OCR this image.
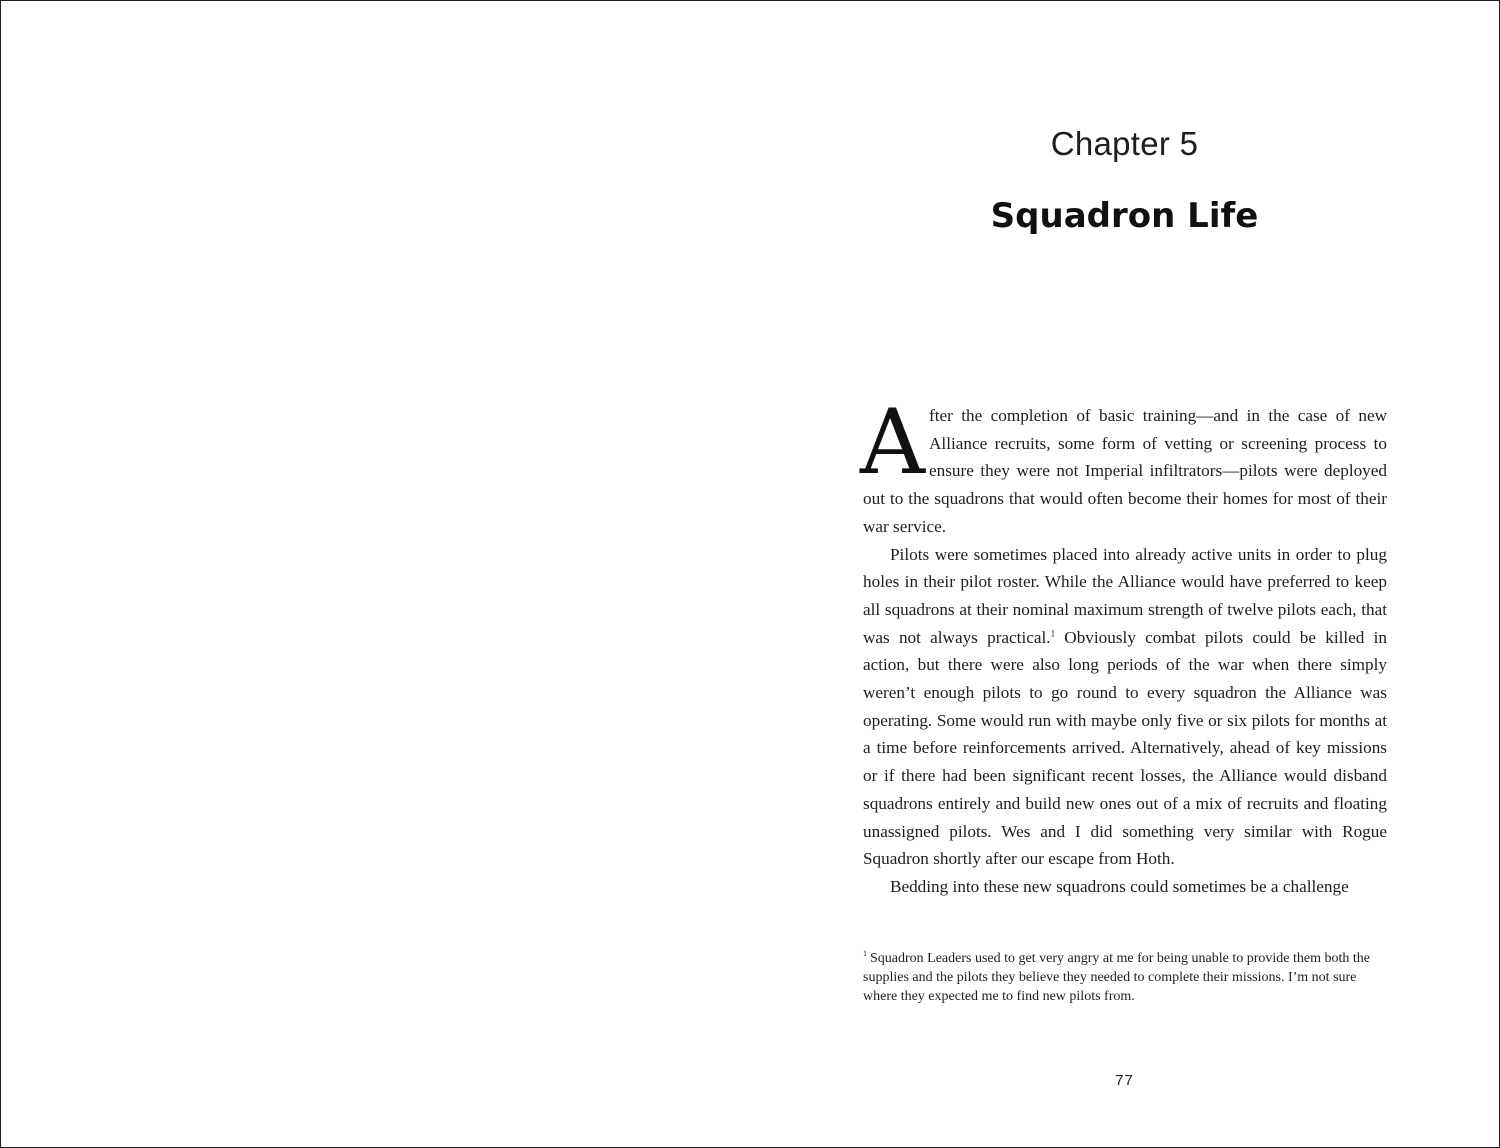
Chapter 5
Squadron Life

After the completion of basic training—and in the case of new Alliance recruits, some form of vetting or screening process to ensure they were not Imperial infiltrators—pilots were deployed out to the squadrons that would often become their homes for most of their war service.

Pilots were sometimes placed into already active units in order to plug holes in their pilot roster. While the Alliance would have preferred to keep all squadrons at their nominal maximum strength of twelve pilots each, that was not always practical.$^1$ Obviously combat pilots could be killed in action, but there were also long periods of the war when there simply weren’t enough pilots to go round to every squadron the Alliance was operating. Some would run with maybe only five or six pilots for months at a time before reinforcements arrived. Alternatively, ahead of key missions or if there had been significant recent losses, the Alliance would disband squadrons entirely and build new ones out of a mix of recruits and floating unassigned pilots. Wes and I did something very similar with Rogue Squadron shortly after our escape from Hoth.

Bedding into these new squadrons could sometimes be a challenge

$^1$ Squadron Leaders used to get very angry at me for being unable to provide them both the supplies and the pilots they believe they needed to complete their missions. I’m not sure where they expected me to find new pilots from.
77
